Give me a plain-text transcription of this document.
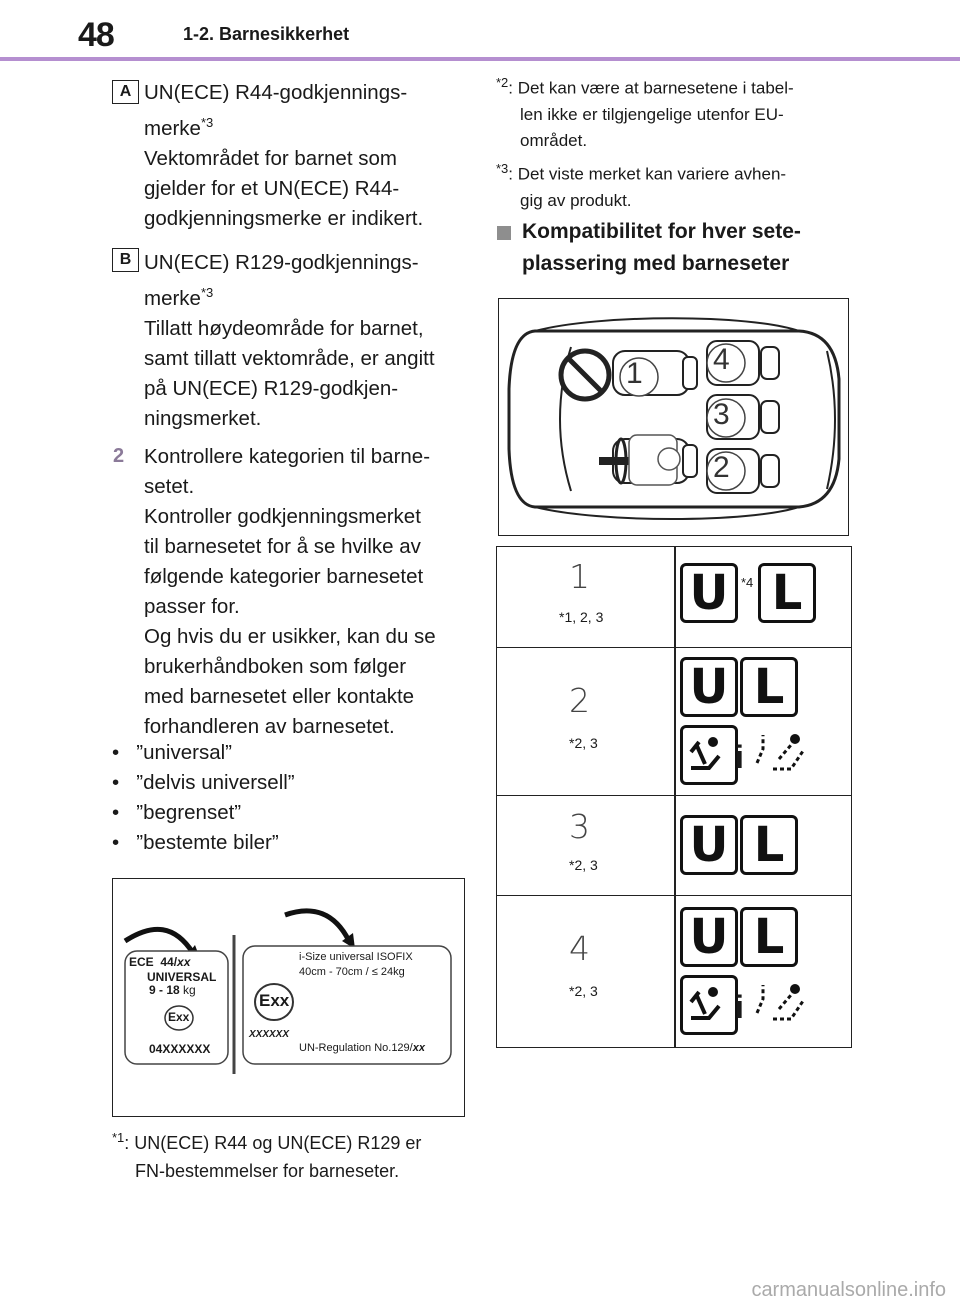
48	1-2. Barnesikkerhet
A UN(ECE) R44-godkjennings-
merke$^{*3}$
Vektområdet for barnet som
gjelder for et UN(ECE) R44-
godkjenningsmerke er indikert.
B UN(ECE) R129-godkjennings-
merke$^{*3}$
Tillatt høydeområde for barnet,
samt tillatt vektområde, er angitt
på UN(ECE) R129-godkjen-
ningsmerket.
2 Kontrollere kategorien til barne-
setet.
Kontroller godkjenningsmerket
til barnesetet for å se hvilke av
følgende kategorier barnesetet
passer for.
Og hvis du er usikker, kan du se
brukerhåndboken som følger
med barnesetet eller kontakte
forhandleren av barnesetet.
• ”universal”
• ”delvis universell”
• ”begrenset”
• ”bestemte biler”
ECE 44/xx
UNIVERSAL
9 - 18 kg
Exx
04XXXXXX
i-Size universal ISOFIX
40cm - 70cm / ≤ 24kg
Exx
XXXXXX
UN-Regulation No.129/xx
$^{*1}$: UN(ECE) R44 og UN(ECE) R129 er
FN-bestemmelser for barneseter.
$^{*2}$: Det kan være at barnesetene i tabel-
len ikke er tilgjengelige utenfor EU-
området.
$^{*3}$: Det viste merket kan variere avhen-
gig av produkt.
Kompatibilitet for hver sete-
plassering med barneseter
1 4
3
2
1
*1, 2, 3 U *4 L
2
*2, 3
U L
i
3
*2, 3 U L
4
*2, 3
U L
i
carmanualsonline.info
